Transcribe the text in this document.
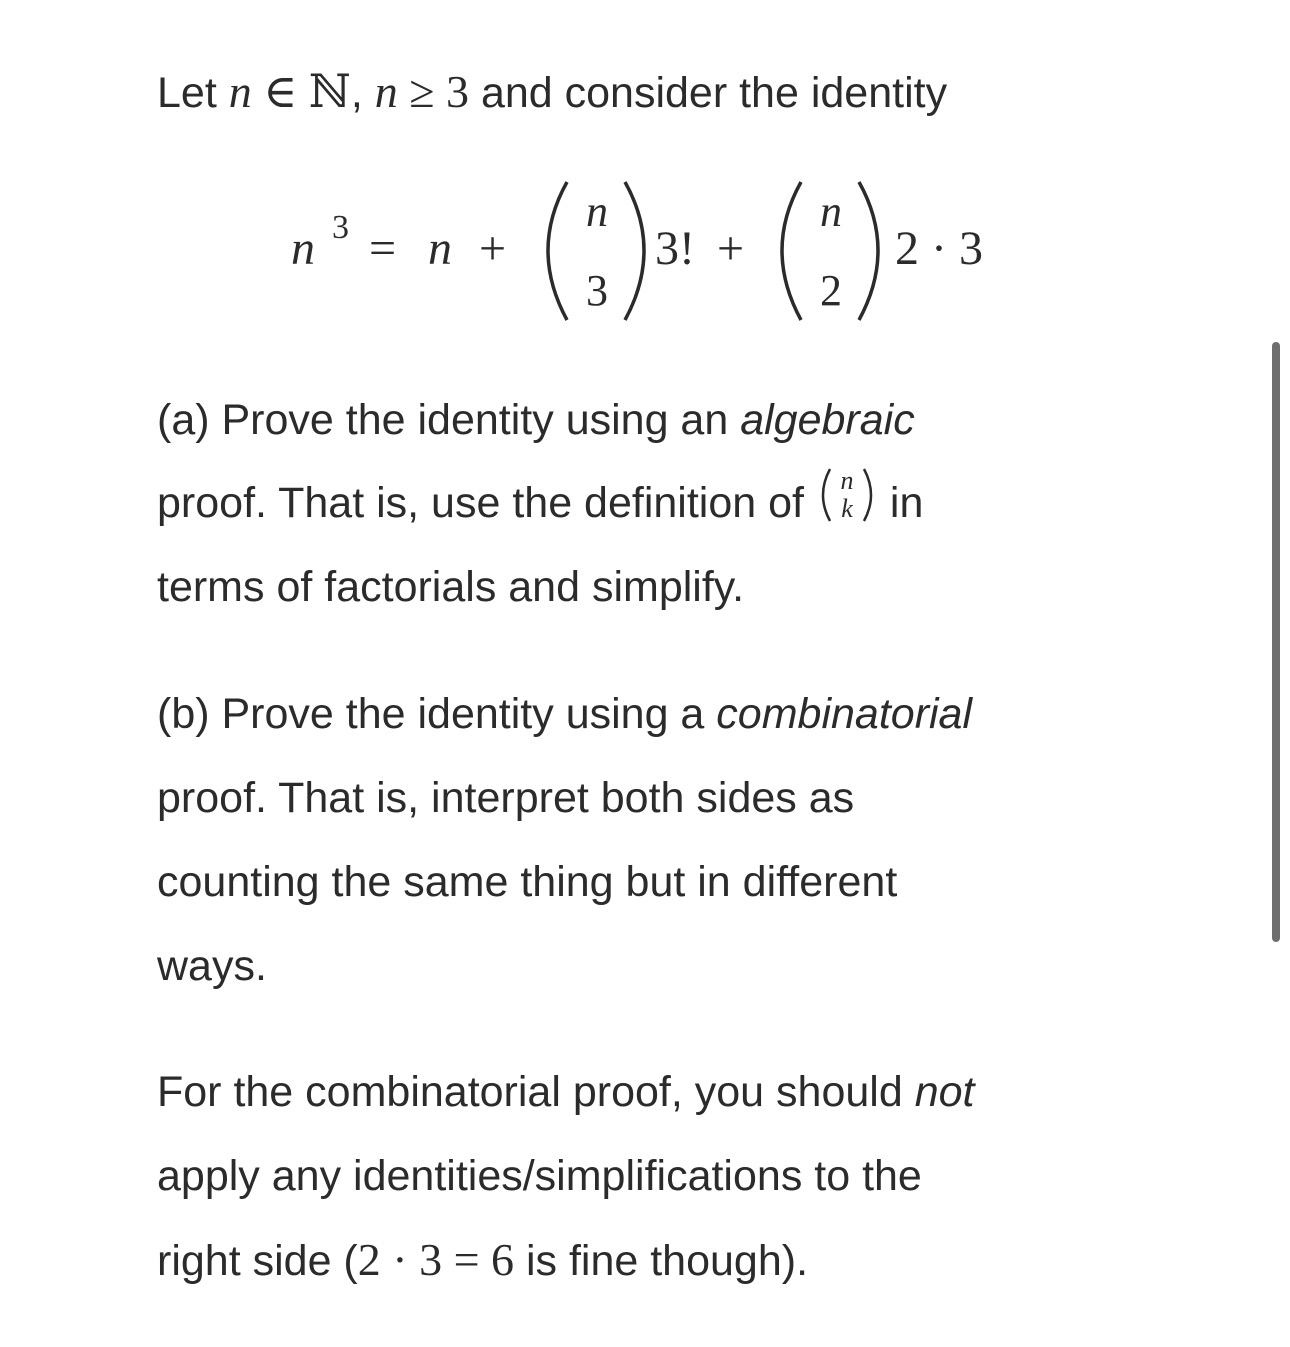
Let n ∈ ℕ, n ≥ 3 and consider the identity
n 3 = n +
n
3
3! +
n
2
2 · 3
(a) Prove the identity using an algebraic
proof. That is, use the definition of n
k in
terms of factorials and simplify.
(b) Prove the identity using a combinatorial
proof. That is, interpret both sides as
counting the same thing but in different
ways.
For the combinatorial proof, you should not
apply any identities/simplifications to the
right side (2 · 3 = 6 is fine though).
